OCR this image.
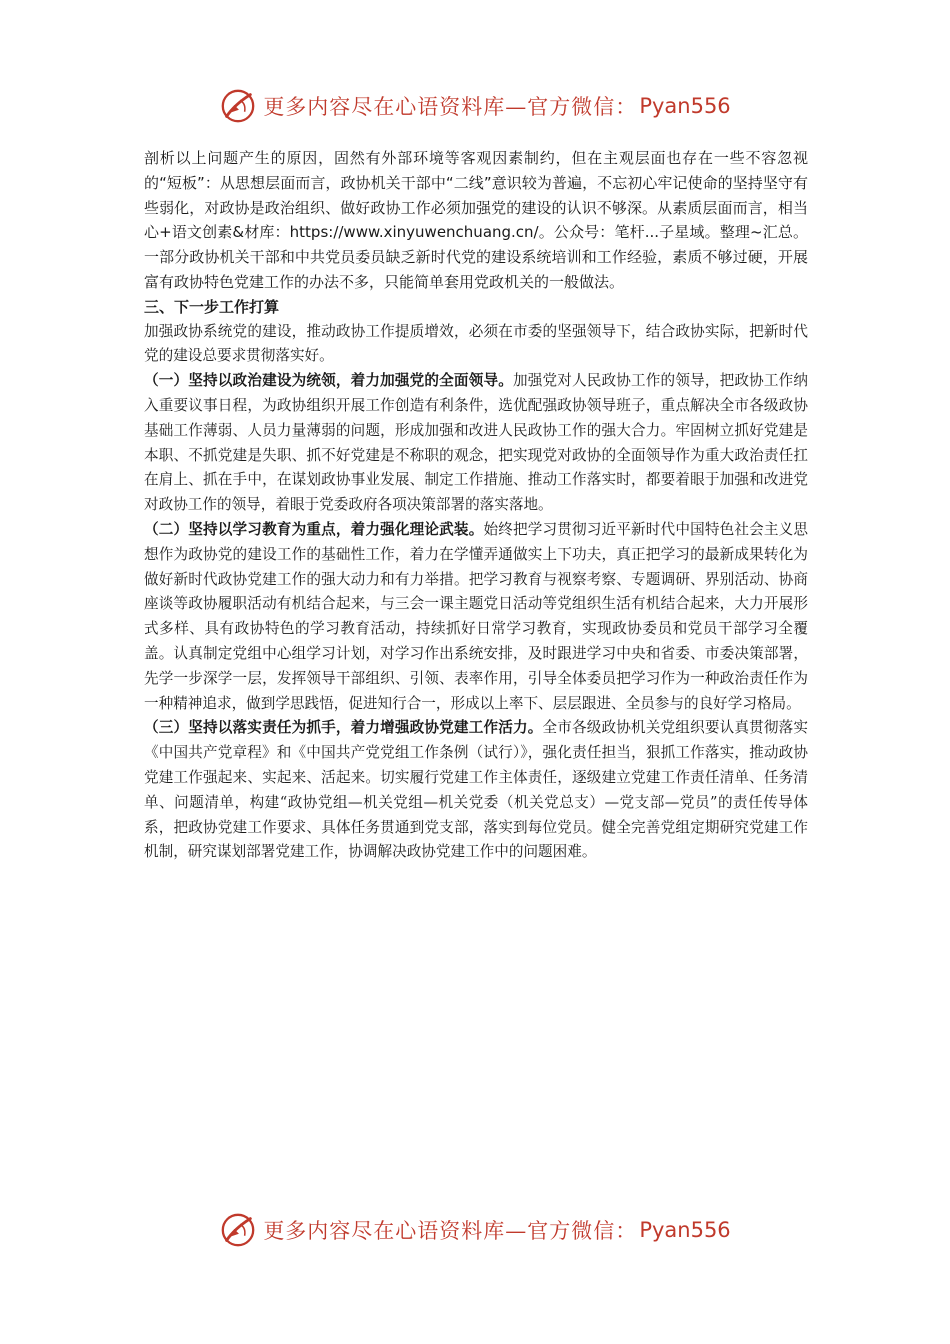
更多内容尽在心语资料库—官方微信： Pyan556

剖析以上问题产生的原因，固然有外部环境等客观因素制约，但在主观层面也存在一些不容忽视的“短板”：从思想层面而言，政协机关干部中“二线”意识较为普遍，不忘初心牢记使命的坚持坚守有些弱化，对政协是政治组织、做好政协工作必须加强党的建设的认识不够深。从素质层面而言，相当心+语文创素&材库：https://www.xinyuwenchuang.cn/。公众号：笔杆...子星域。整理~汇总。一部分政协机关干部和中共党员委员缺乏新时代党的建设系统培训和工作经验，素质不够过硬，开展富有政协特色党建工作的办法不多，只能简单套用党政机关的一般做法。

三、下一步工作打算

加强政协系统党的建设，推动政协工作提质增效，必须在市委的坚强领导下，结合政协实际，把新时代党的建设总要求贯彻落实好。

（一）坚持以政治建设为统领，着力加强党的全面领导。加强党对人民政协工作的领导，把政协工作纳入重要议事日程，为政协组织开展工作创造有利条件，选优配强政协领导班子，重点解决全市各级政协基础工作薄弱、人员力量薄弱的问题，形成加强和改进人民政协工作的强大合力。牢固树立抓好党建是本职、不抓党建是失职、抓不好党建是不称职的观念，把实现党对政协的全面领导作为重大政治责任扛在肩上、抓在手中，在谋划政协事业发展、制定工作措施、推动工作落实时，都要着眼于加强和改进党对政协工作的领导，着眼于党委政府各项决策部署的落实落地。

（二）坚持以学习教育为重点，着力强化理论武装。始终把学习贯彻习近平新时代中国特色社会主义思想作为政协党的建设工作的基础性工作，着力在学懂弄通做实上下功夫，真正把学习的最新成果转化为做好新时代政协党建工作的强大动力和有力举措。把学习教育与视察考察、专题调研、界别活动、协商座谈等政协履职活动有机结合起来，与三会一课主题党日活动等党组织生活有机结合起来，大力开展形式多样、具有政协特色的学习教育活动，持续抓好日常学习教育，实现政协委员和党员干部学习全覆盖。认真制定党组中心组学习计划，对学习作出系统安排，及时跟进学习中央和省委、市委决策部署，先学一步深学一层，发挥领导干部组织、引领、表率作用，引导全体委员把学习作为一种政治责任作为一种精神追求，做到学思践悟，促进知行合一，形成以上率下、层层跟进、全员参与的良好学习格局。

（三）坚持以落实责任为抓手，着力增强政协党建工作活力。全市各级政协机关党组织要认真贯彻落实《中国共产党章程》和《中国共产党党组工作条例（试行）》，强化责任担当，狠抓工作落实，推动政协党建工作强起来、实起来、活起来。切实履行党建工作主体责任，逐级建立党建工作责任清单、任务清单、问题清单，构建“政协党组—机关党组—机关党委（机关党总支）—党支部—党员”的责任传导体系，把政协党建工作要求、具体任务贯通到党支部，落实到每位党员。健全完善党组定期研究党建工作机制，研究谋划部署党建工作，协调解决政协党建工作中的问题困难。

更多内容尽在心语资料库—官方微信： Pyan556
